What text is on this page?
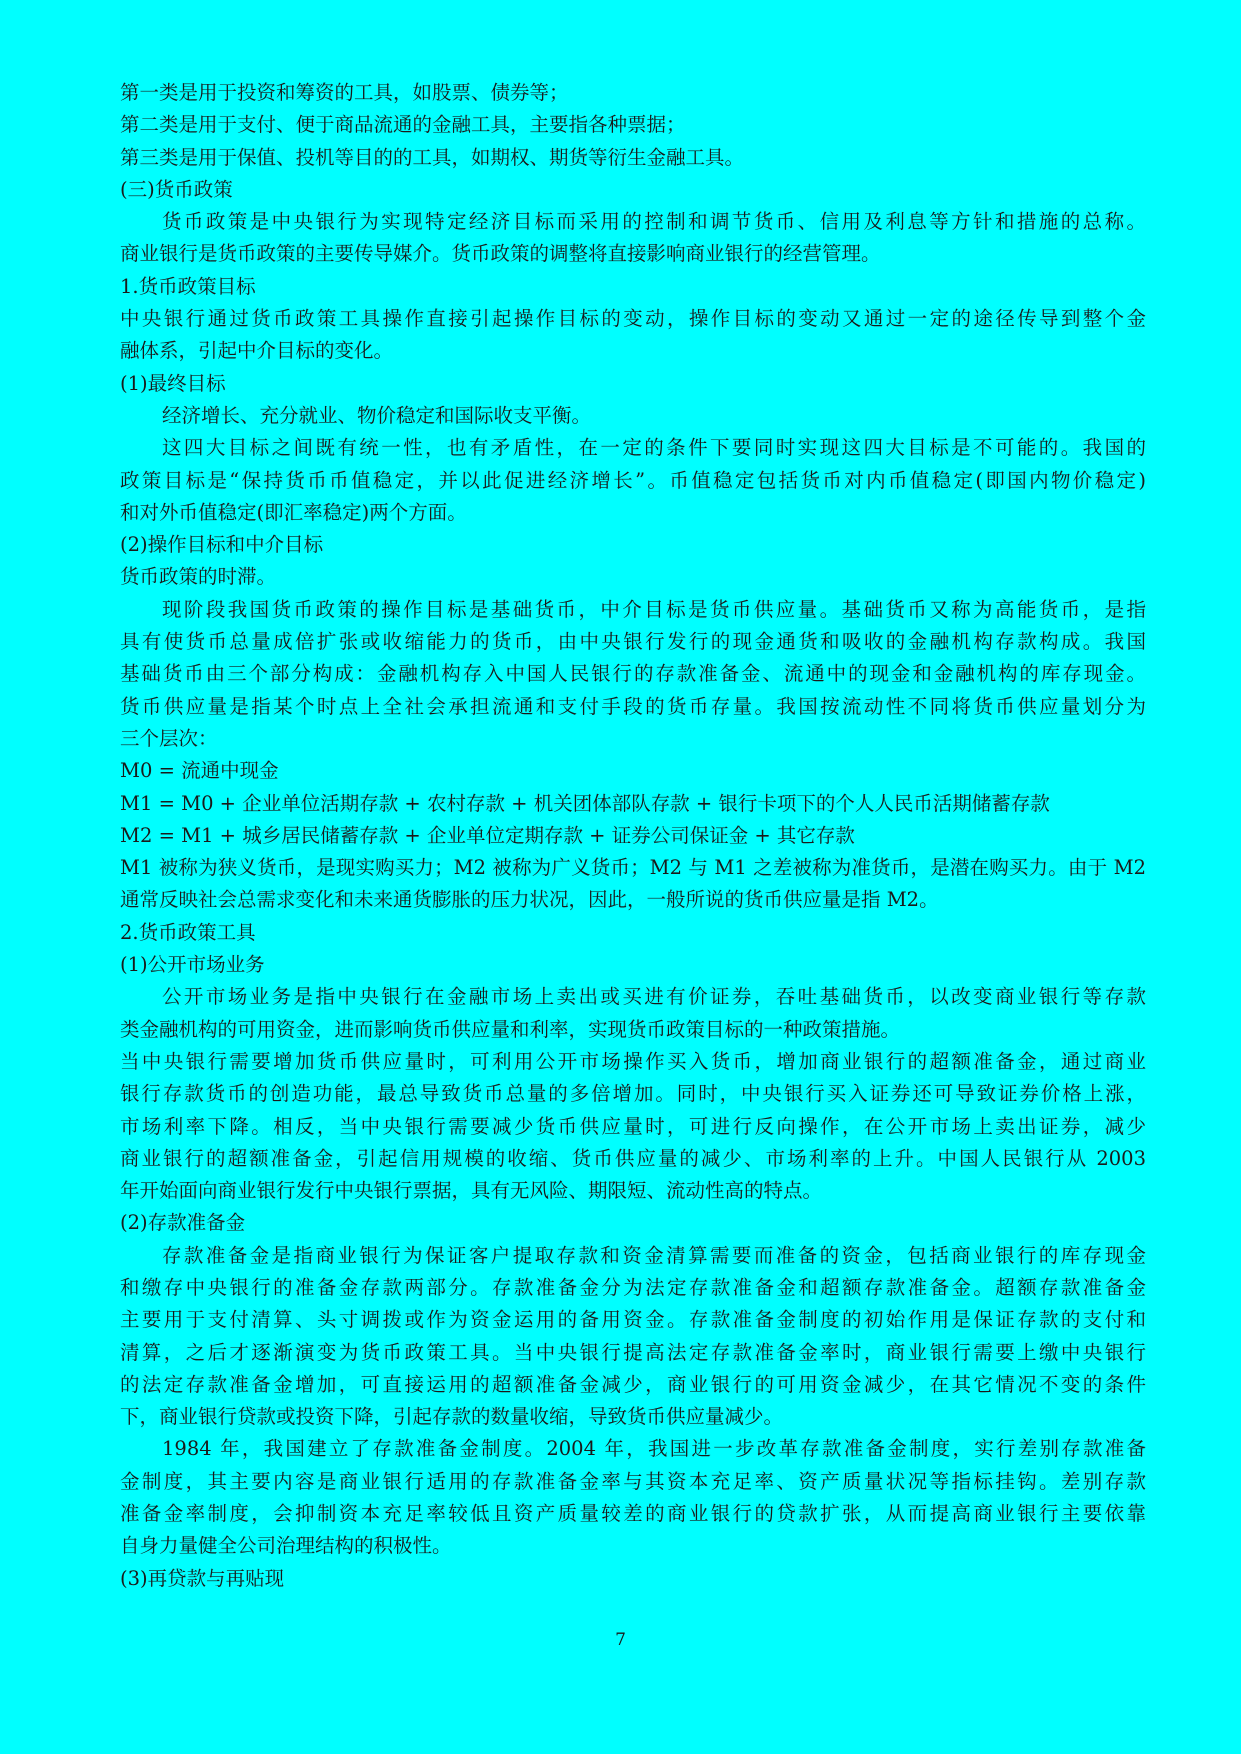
第一类是用于投资和筹资的工具，如股票、债券等；
第二类是用于支付、便于商品流通的金融工具，主要指各种票据；
第三类是用于保值、投机等目的的工具，如期权、期货等衍生金融工具。
(三)货币政策
货币政策是中央银行为实现特定经济目标而采用的控制和调节货币、信用及利息等方针和措施的总称。
商业银行是货币政策的主要传导媒介。货币政策的调整将直接影响商业银行的经营管理。
1.货币政策目标
中央银行通过货币政策工具操作直接引起操作目标的变动，操作目标的变动又通过一定的途径传导到整个金
融体系，引起中介目标的变化。
(1)最终目标
经济增长、充分就业、物价稳定和国际收支平衡。
这四大目标之间既有统一性，也有矛盾性，在一定的条件下要同时实现这四大目标是不可能的。我国的
政策目标是“保持货币币值稳定，并以此促进经济增长”。币值稳定包括货币对内币值稳定(即国内物价稳定)
和对外币值稳定(即汇率稳定)两个方面。
(2)操作目标和中介目标
货币政策的时滞。
现阶段我国货币政策的操作目标是基础货币，中介目标是货币供应量。基础货币又称为高能货币，是指
具有使货币总量成倍扩张或收缩能力的货币，由中央银行发行的现金通货和吸收的金融机构存款构成。我国
基础货币由三个部分构成：金融机构存入中国人民银行的存款准备金、流通中的现金和金融机构的库存现金。
货币供应量是指某个时点上全社会承担流通和支付手段的货币存量。我国按流动性不同将货币供应量划分为
三个层次：
M0 = 流通中现金
M1 = M0 + 企业单位活期存款 + 农村存款 + 机关团体部队存款 + 银行卡项下的个人人民币活期储蓄存款
M2 = M1 + 城乡居民储蓄存款 + 企业单位定期存款 + 证券公司保证金 + 其它存款
M1 被称为狭义货币，是现实购买力；M2 被称为广义货币；M2 与 M1 之差被称为准货币，是潜在购买力。由于 M2
通常反映社会总需求变化和未来通货膨胀的压力状况，因此，一般所说的货币供应量是指 M2。
2.货币政策工具
(1)公开市场业务
公开市场业务是指中央银行在金融市场上卖出或买进有价证券，吞吐基础货币，以改变商业银行等存款
类金融机构的可用资金，进而影响货币供应量和利率，实现货币政策目标的一种政策措施。
当中央银行需要增加货币供应量时，可利用公开市场操作买入货币，增加商业银行的超额准备金，通过商业
银行存款货币的创造功能，最总导致货币总量的多倍增加。同时，中央银行买入证券还可导致证券价格上涨，
市场利率下降。相反，当中央银行需要减少货币供应量时，可进行反向操作，在公开市场上卖出证券，减少
商业银行的超额准备金，引起信用规模的收缩、货币供应量的减少、市场利率的上升。中国人民银行从 2003
年开始面向商业银行发行中央银行票据，具有无风险、期限短、流动性高的特点。
(2)存款准备金
存款准备金是指商业银行为保证客户提取存款和资金清算需要而准备的资金，包括商业银行的库存现金
和缴存中央银行的准备金存款两部分。存款准备金分为法定存款准备金和超额存款准备金。超额存款准备金
主要用于支付清算、头寸调拨或作为资金运用的备用资金。存款准备金制度的初始作用是保证存款的支付和
清算，之后才逐渐演变为货币政策工具。当中央银行提高法定存款准备金率时，商业银行需要上缴中央银行
的法定存款准备金增加，可直接运用的超额准备金减少，商业银行的可用资金减少，在其它情况不变的条件
下，商业银行贷款或投资下降，引起存款的数量收缩，导致货币供应量减少。
1984 年，我国建立了存款准备金制度。2004 年，我国进一步改革存款准备金制度，实行差别存款准备
金制度，其主要内容是商业银行适用的存款准备金率与其资本充足率、资产质量状况等指标挂钩。差别存款
准备金率制度，会抑制资本充足率较低且资产质量较差的商业银行的贷款扩张，从而提高商业银行主要依靠
自身力量健全公司治理结构的积极性。
(3)再贷款与再贴现
7
